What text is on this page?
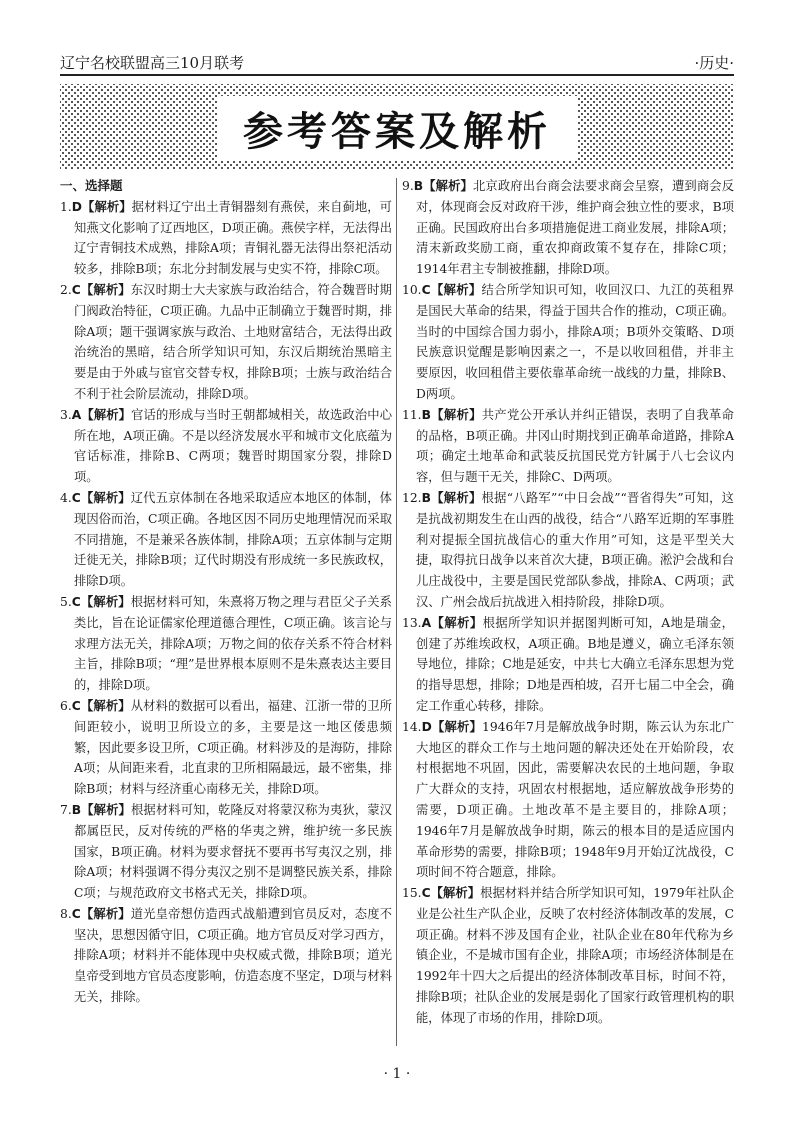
辽宁名校联盟高三10月联考	·历史·
参考答案及解析
一、选择题

1.D【解析】据材料辽宁出土青铜器刻有燕侯，来自蓟地，可知燕文化影响了辽西地区，D项正确。燕侯字样，无法得出辽宁青铜技术成熟，排除A项；青铜礼器无法得出祭祀活动较多，排除B项；东北分封制发展与史实不符，排除C项。

2.C【解析】东汉时期士大夫家族与政治结合，符合魏晋时期门阀政治特征，C项正确。九品中正制确立于魏晋时期，排除A项；题干强调家族与政治、土地财富结合，无法得出政治统治的黑暗，结合所学知识可知，东汉后期统治黑暗主要是由于外戚与宦官交替专权，排除B项；士族与政治结合不利于社会阶层流动，排除D项。

3.A【解析】官话的形成与当时王朝都城相关，故选政治中心所在地，A项正确。不是以经济发展水平和城市文化底蕴为官话标准，排除B、C两项；魏晋时期国家分裂，排除D项。

4.C【解析】辽代五京体制在各地采取适应本地区的体制，体现因俗而治，C项正确。各地区因不同历史地理情况而采取不同措施，不是兼采各族体制，排除A项；五京体制与定期迁徙无关，排除B项；辽代时期没有形成统一多民族政权，排除D项。

5.C【解析】根据材料可知，朱熹将万物之理与君臣父子关系类比，旨在论证儒家伦理道德合理性，C项正确。该言论与求理方法无关，排除A项；万物之间的依存关系不符合材料主旨，排除B项；“理”是世界根本原则不是朱熹表达主要目的，排除D项。

6.C【解析】从材料的数据可以看出，福建、江浙一带的卫所间距较小，说明卫所设立的多，主要是这一地区倭患频繁，因此要多设卫所，C项正确。材料涉及的是海防，排除A项；从间距来看，北直隶的卫所相隔最远，最不密集，排除B项；材料与经济重心南移无关，排除D项。

7.B【解析】根据材料可知，乾隆反对将蒙汉称为夷狄，蒙汉都属臣民，反对传统的严格的华夷之辨，维护统一多民族国家，B项正确。材料为要求督抚不要再书写夷汉之别，排除A项；材料强调不得分夷汉之别不是调整民族关系，排除C项；与规范政府文书格式无关，排除D项。

8.C【解析】道光皇帝想仿造西式战船遭到官员反对，态度不坚决，思想因循守旧，C项正确。地方官员反对学习西方，排除A项；材料并不能体现中央权威式微，排除B项；道光皇帝受到地方官员态度影响，仿造态度不坚定，D项与材料无关，排除。

9.B【解析】北京政府出台商会法要求商会呈察，遭到商会反对，体现商会反对政府干涉，维护商会独立性的要求，B项正确。民国政府出台多项措施促进工商业发展，排除A项；清末新政奖励工商，重农抑商政策不复存在，排除C项；1914年君主专制被推翻，排除D项。

10.C【解析】结合所学知识可知，收回汉口、九江的英租界是国民大革命的结果，得益于国共合作的推动，C项正确。当时的中国综合国力弱小，排除A项；B项外交策略、D项民族意识觉醒是影响因素之一，不是以收回租借，并非主要原因，收回租借主要依靠革命统一战线的力量，排除B、D两项。

11.B【解析】共产党公开承认并纠正错误，表明了自我革命的品格，B项正确。井冈山时期找到正确革命道路，排除A项；确定土地革命和武装反抗国民党方针属于八七会议内容，但与题干无关，排除C、D两项。

12.B【解析】根据“八路军”“中日会战”“晋省得失”可知，这是抗战初期发生在山西的战役，结合“八路军近期的军事胜利对提振全国抗战信心的重大作用”可知，这是平型关大捷，取得抗日战争以来首次大捷，B项正确。淞沪会战和台儿庄战役中，主要是国民党部队参战，排除A、C两项；武汉、广州会战后抗战进入相持阶段，排除D项。

13.A【解析】根据所学知识并据图判断可知，A地是瑞金，创建了苏维埃政权，A项正确。B地是遵义，确立毛泽东领导地位，排除；C地是延安，中共七大确立毛泽东思想为党的指导思想，排除；D地是西柏坡，召开七届二中全会，确定工作重心转移，排除。

14.D【解析】1946年7月是解放战争时期，陈云认为东北广大地区的群众工作与土地问题的解决还处在开始阶段，农村根据地不巩固，因此，需要解决农民的土地问题，争取广大群众的支持，巩固农村根据地，适应解放战争形势的需要，D项正确。土地改革不是主要目的，排除A项；1946年7月是解放战争时期，陈云的根本目的是适应国内革命形势的需要，排除B项；1948年9月开始辽沈战役，C项时间不符合题意，排除。

15.C【解析】根据材料并结合所学知识可知，1979年社队企业是公社生产队企业，反映了农村经济体制改革的发展，C项正确。材料不涉及国有企业，社队企业在80年代称为乡镇企业，不是城市国有企业，排除A项；市场经济体制是在1992年十四大之后提出的经济体制改革目标，时间不符，排除B项；社队企业的发展是弱化了国家行政管理机构的职能，体现了市场的作用，排除D项。

· 1 ·
